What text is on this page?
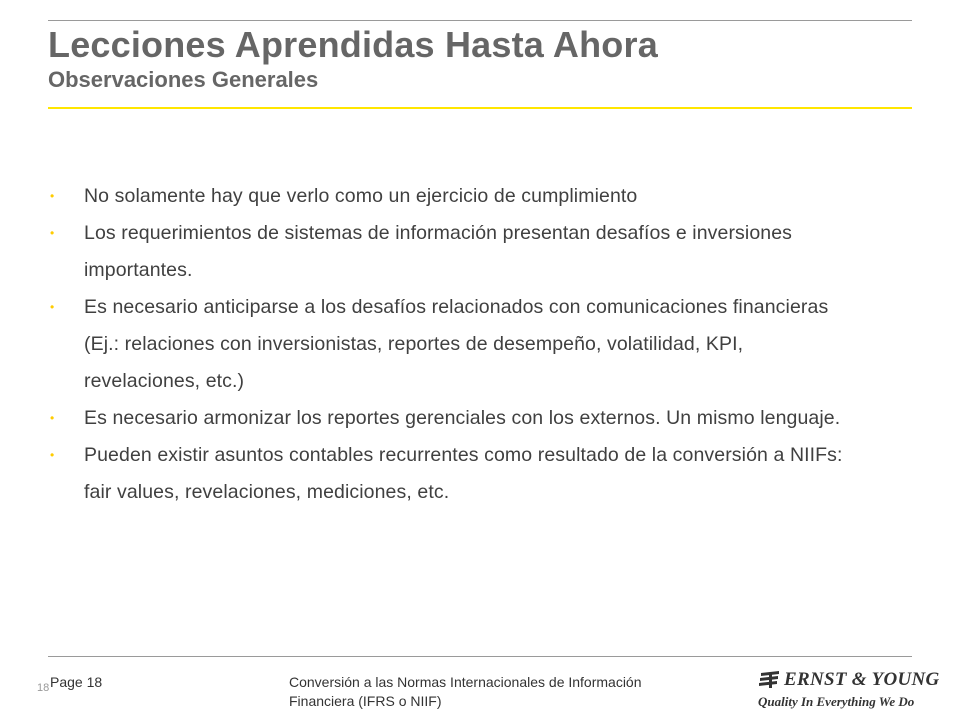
Lecciones Aprendidas Hasta Ahora
Observaciones Generales
• No solamente hay que verlo como un ejercicio de cumplimiento
• Los requerimientos de sistemas de información presentan desafíos e inversiones importantes.
• Es necesario anticiparse a los desafíos relacionados con comunicaciones financieras (Ej.: relaciones con inversionistas, reportes de desempeño, volatilidad, KPI, revelaciones, etc.)
• Es necesario armonizar los reportes gerenciales con los externos. Un mismo lenguaje.
• Pueden existir asuntos contables recurrentes como resultado de la conversión a NIIFs: fair values, revelaciones, mediciones, etc.
18 Page 18	Conversión a las Normas Internacionales de Información
Financiera (IFRS o NIIF)
ERNST & YOUNG
Quality In Everything We Do
